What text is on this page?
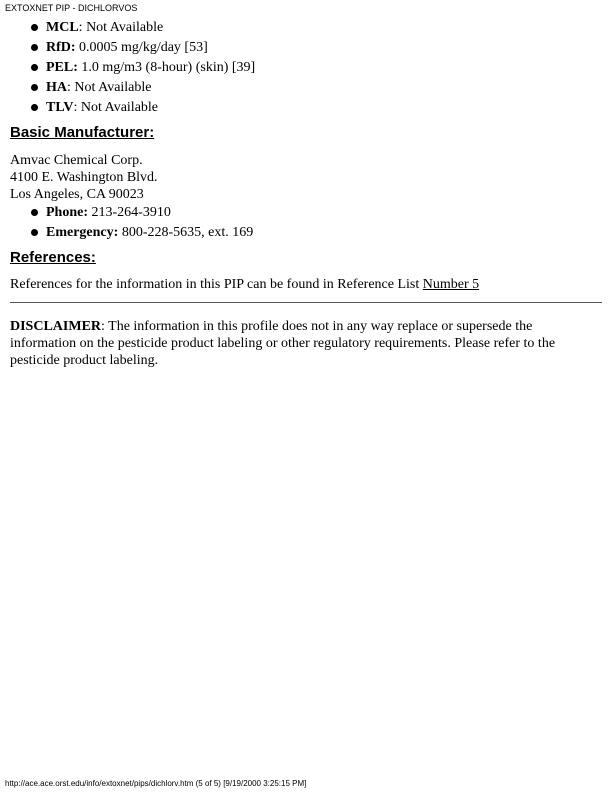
EXTOXNET PIP - DICHLORVOS
MCL: Not Available
RfD: 0.0005 mg/kg/day [53]
PEL: 1.0 mg/m3 (8-hour) (skin) [39]
HA: Not Available
TLV: Not Available
Basic Manufacturer:
Amvac Chemical Corp.
4100 E. Washington Blvd.
Los Angeles, CA 90023
Phone: 213-264-3910
Emergency: 800-228-5635, ext. 169
References:
References for the information in this PIP can be found in Reference List Number 5
DISCLAIMER: The information in this profile does not in any way replace or supersede the information on the pesticide product labeling or other regulatory requirements. Please refer to the pesticide product labeling.
http://ace.ace.orst.edu/info/extoxnet/pips/dichlorv.htm (5 of 5) [9/19/2000 3:25:15 PM]
